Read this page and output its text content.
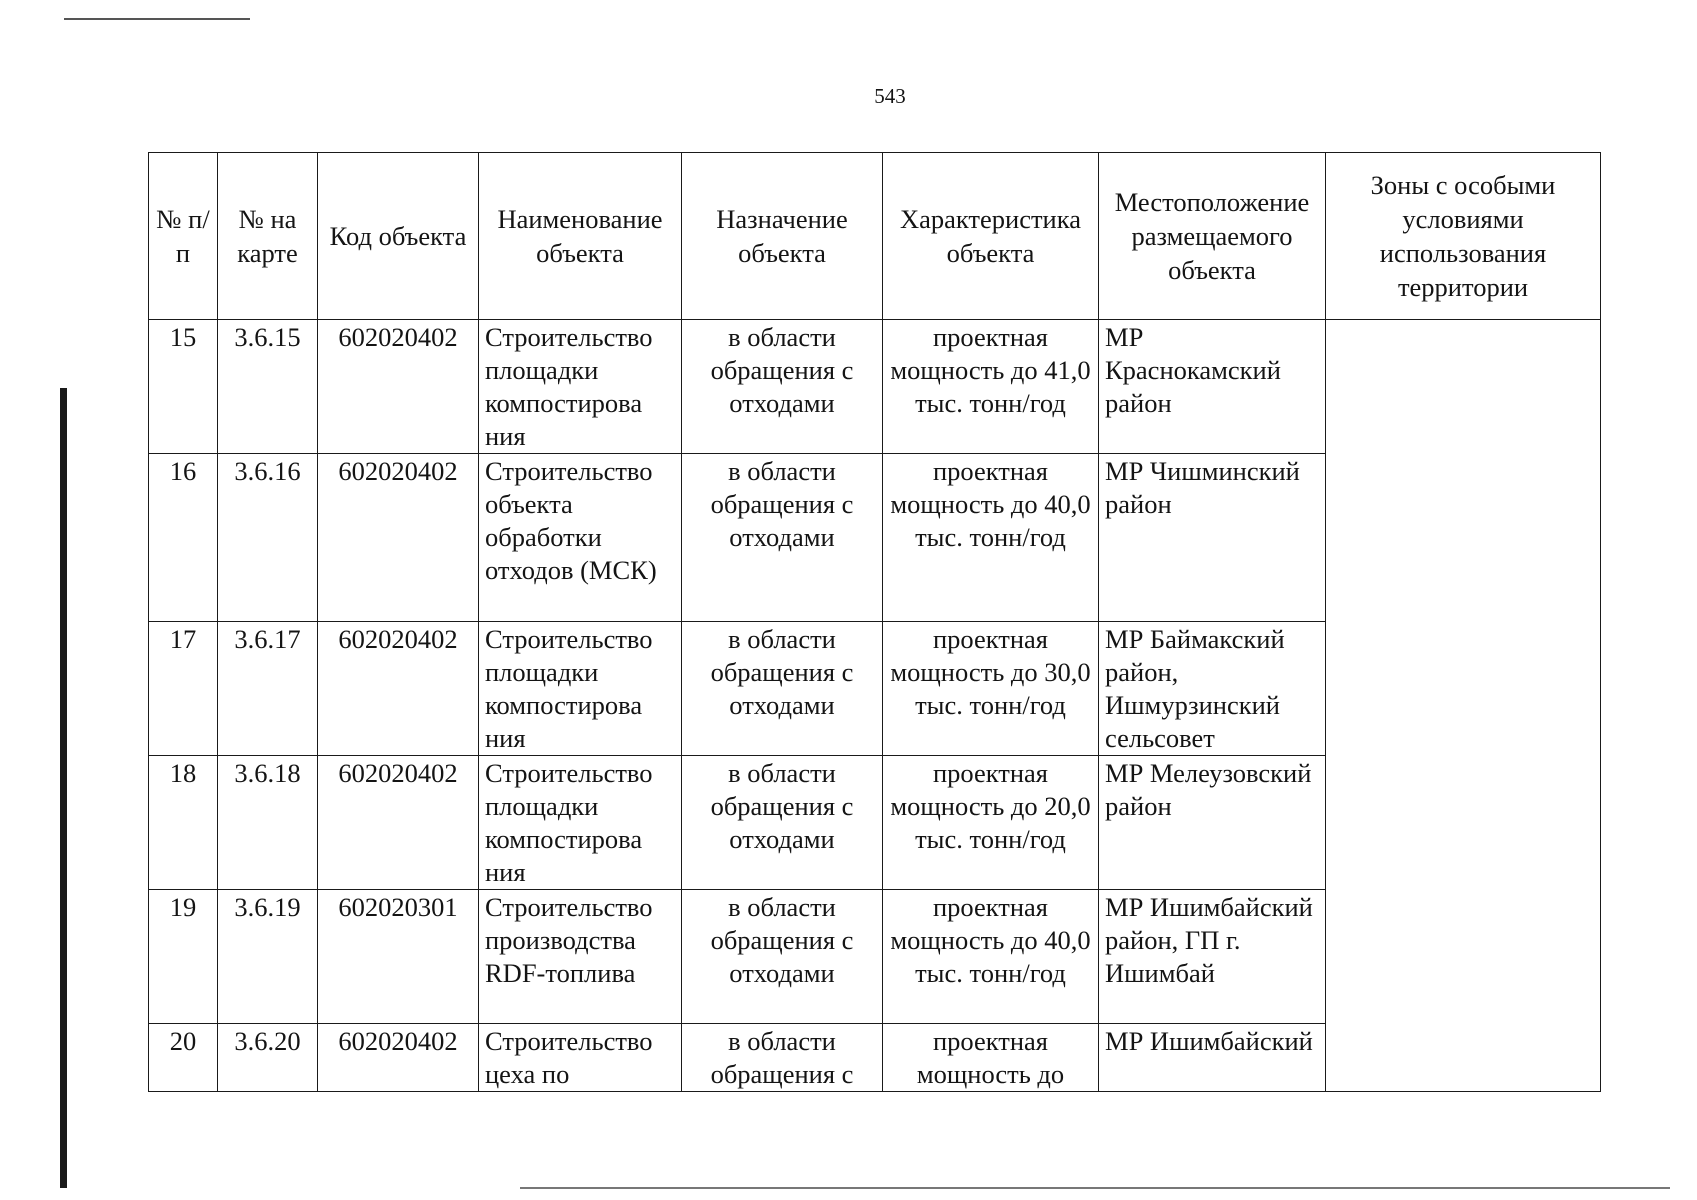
543
№ п/п	№ на карте	Код объекта	Наименование объекта	Назначение объекта	Характеристика объекта	Местоположение размещаемого объекта	Зоны с особыми условиями использования территории
15	3.6.15	602020402	Строительство площадки компостирова ния	в области обращения с отходами	проектная мощность до 41,0 тыс. тонн/год	МР Краснокамский район	
16	3.6.16	602020402	Строительство объекта обработки отходов (МСК)	в области обращения с отходами	проектная мощность до 40,0 тыс. тонн/год	МР Чишминский район	
17	3.6.17	602020402	Строительство площадки компостирова ния	в области обращения с отходами	проектная мощность до 30,0 тыс. тонн/год	МР Баймакский район, Ишмурзинский сельсовет	
18	3.6.18	602020402	Строительство площадки компостирова ния	в области обращения с отходами	проектная мощность до 20,0 тыс. тонн/год	МР Мелеузовский район	
19	3.6.19	602020301	Строительство производства RDF-топлива	в области обращения с отходами	проектная мощность до 40,0 тыс. тонн/год	МР Ишимбайский район, ГП г. Ишимбай	
20	3.6.20	602020402	Строительство цеха по	в области обращения с	проектная мощность до	МР Ишимбайский	
